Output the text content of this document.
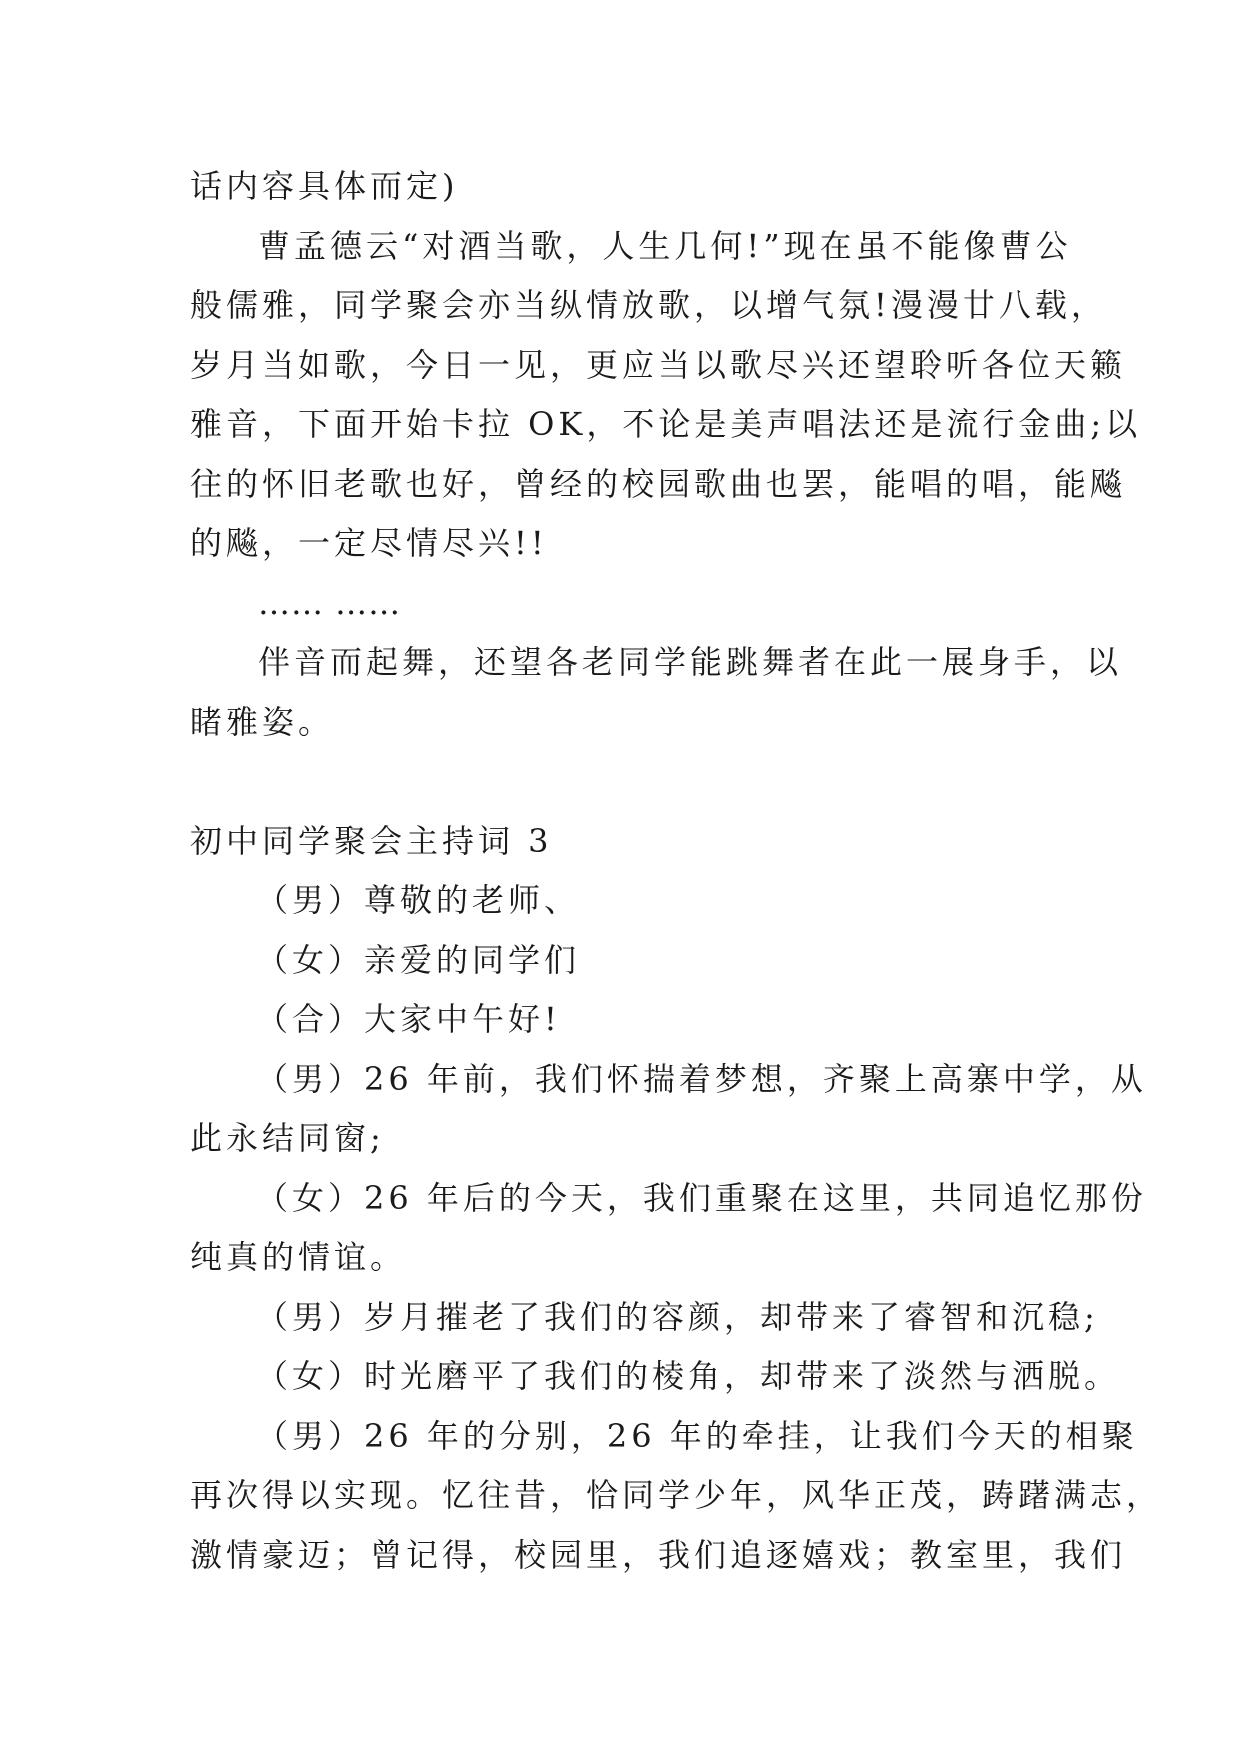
话内容具体而定)
曹孟德云“对酒当歌，人生几何!”现在虽不能像曹公
般儒雅，同学聚会亦当纵情放歌，以增气氛!漫漫廿八载，
岁月当如歌，今日一见，更应当以歌尽兴还望聆听各位天籁
雅音，下面开始卡拉 OK，不论是美声唱法还是流行金曲;以
往的怀旧老歌也好，曾经的校园歌曲也罢，能唱的唱，能飚
的飚，一定尽情尽兴!!
…… ……
伴音而起舞，还望各老同学能跳舞者在此一展身手，以
睹雅姿。
初中同学聚会主持词 3
（男）尊敬的老师、
（女）亲爱的同学们
（合）大家中午好!
（男）26 年前，我们怀揣着梦想，齐聚上高寨中学，从
此永结同窗;
（女）26 年后的今天，我们重聚在这里，共同追忆那份
纯真的情谊。
（男）岁月摧老了我们的容颜，却带来了睿智和沉稳;
（女）时光磨平了我们的棱角，却带来了淡然与洒脱。
（男）26 年的分别，26 年的牵挂，让我们今天的相聚
再次得以实现。忆往昔，恰同学少年，风华正茂，踌躇满志，
激情豪迈；曾记得，校园里，我们追逐嬉戏；教室里，我们
